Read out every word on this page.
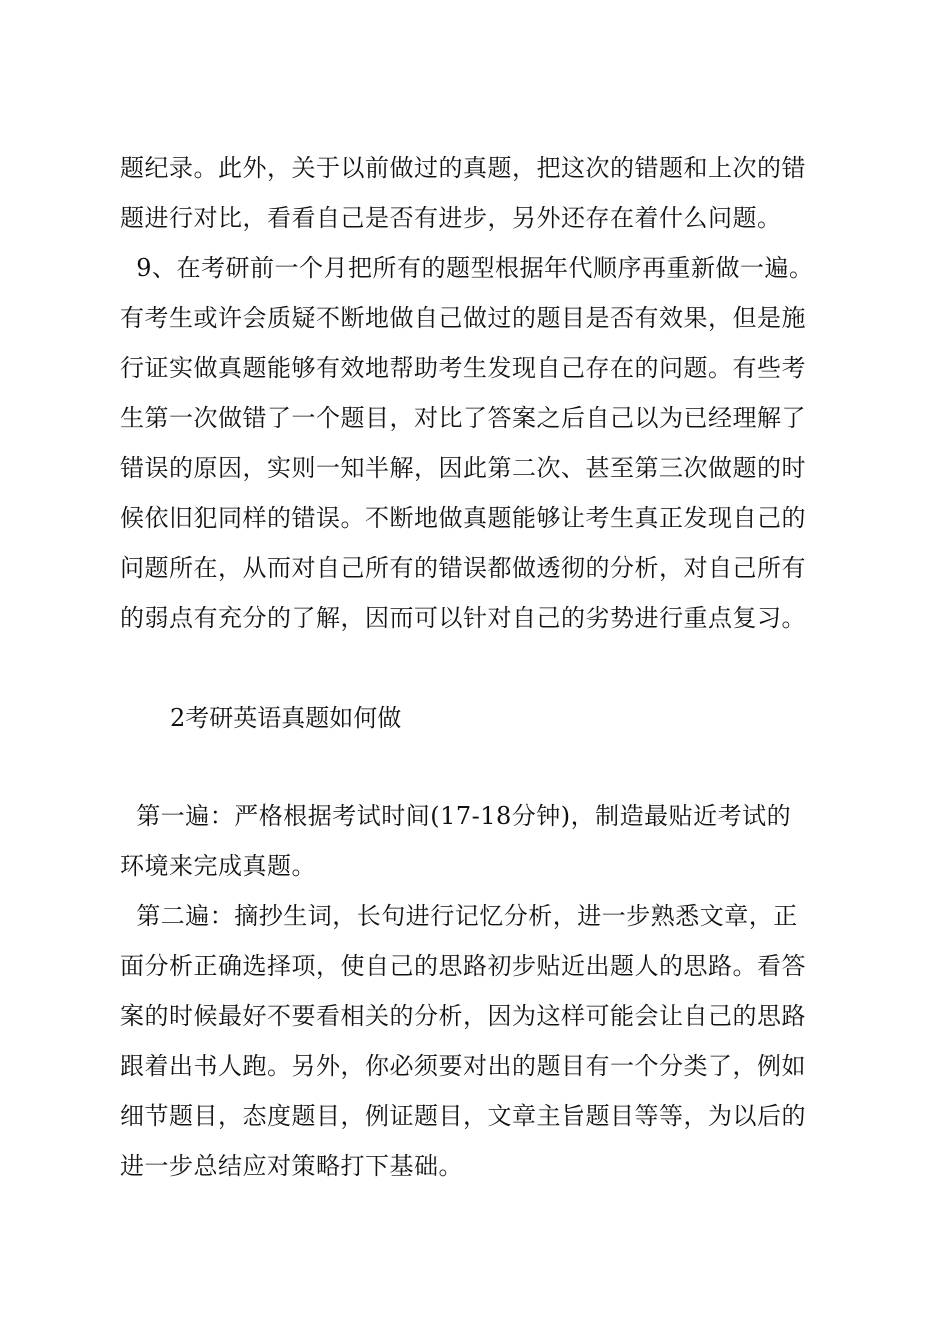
题纪录。此外，关于以前做过的真题，把这次的错题和上次的错
题进行对比，看看自己是否有进步，另外还存在着什么问题。
9、在考研前一个月把所有的题型根据年代顺序再重新做一遍。
有考生或许会质疑不断地做自己做过的题目是否有效果，但是施
行证实做真题能够有效地帮助考生发现自己存在的问题。有些考
生第一次做错了一个题目，对比了答案之后自己以为已经理解了
错误的原因，实则一知半解，因此第二次、甚至第三次做题的时
候依旧犯同样的错误。不断地做真题能够让考生真正发现自己的
问题所在，从而对自己所有的错误都做透彻的分析，对自己所有
的弱点有充分的了解，因而可以针对自己的劣势进行重点复习。
2考研英语真题如何做
第一遍：严格根据考试时间(17-18分钟)，制造最贴近考试的
环境来完成真题。
第二遍：摘抄生词，长句进行记忆分析，进一步熟悉文章，正
面分析正确选择项，使自己的思路初步贴近出题人的思路。看答
案的时候最好不要看相关的分析，因为这样可能会让自己的思路
跟着出书人跑。另外，你必须要对出的题目有一个分类了，例如
细节题目，态度题目，例证题目，文章主旨题目等等，为以后的
进一步总结应对策略打下基础。
